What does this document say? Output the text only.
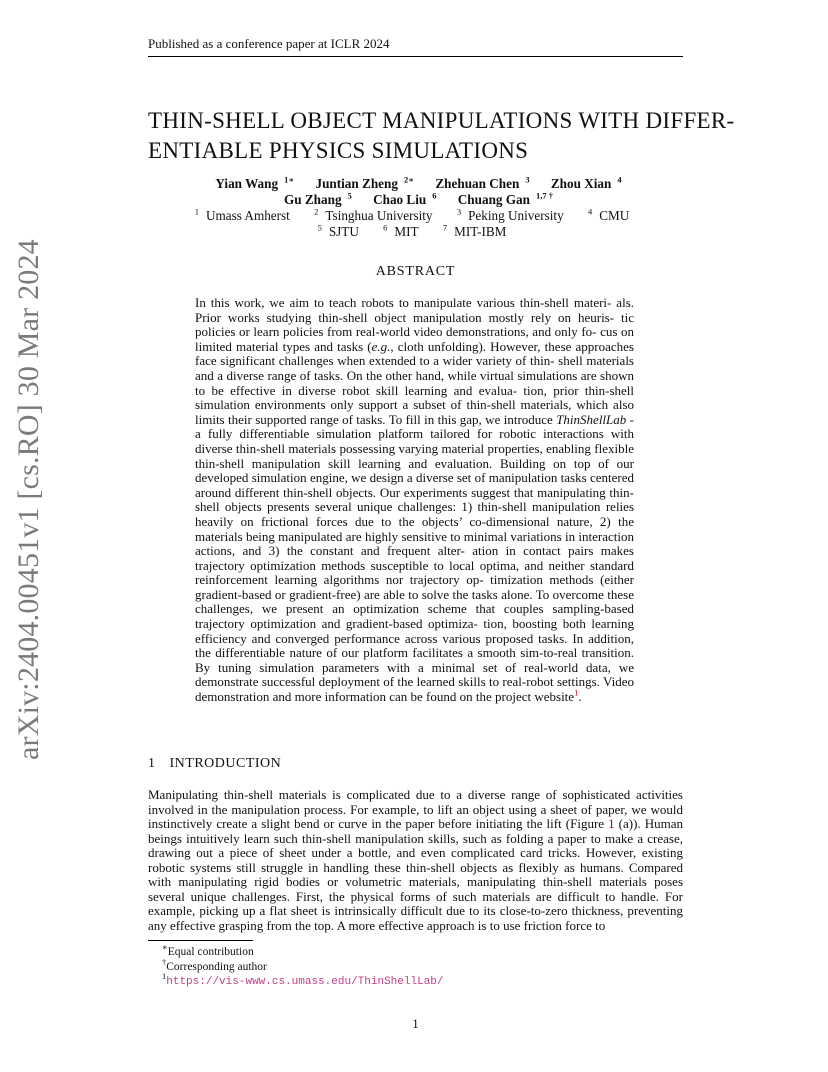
Published as a conference paper at ICLR 2024
arXiv:2404.00451v1 [cs.RO] 30 Mar 2024
THIN-SHELL OBJECT MANIPULATIONS WITH DIFFER-
ENTIABLE PHYSICS SIMULATIONS
Yian Wang $^{1∗}$ Juntian Zheng $^{2∗}$ Zhehuan Chen $^3$ Zhou Xian $^4$
Gu Zhang $^5$ Chao Liu $^6$ Chuang Gan $^{1,7 \dagger}$
$^1$ Umass Amherst	$^2$ Tsinghua University	$^3$ Peking University	$^4$ CMU
$^5$ SJTU	$^6$ MIT	$^7$ MIT-IBM
ABSTRACT
In this work, we aim to teach robots to manipulate various thin-shell materi- als. Prior works studying thin-shell object manipulation mostly rely on heuris- tic policies or learn policies from real-world video demonstrations, and only fo- cus on limited material types and tasks (e.g., cloth unfolding). However, these approaches face significant challenges when extended to a wider variety of thin- shell materials and a diverse range of tasks. On the other hand, while virtual simulations are shown to be effective in diverse robot skill learning and evalua- tion, prior thin-shell simulation environments only support a subset of thin-shell materials, which also limits their supported range of tasks. To fill in this gap, we introduce ThinShellLab - a fully differentiable simulation platform tailored for robotic interactions with diverse thin-shell materials possessing varying material properties, enabling flexible thin-shell manipulation skill learning and evaluation. Building on top of our developed simulation engine, we design a diverse set of manipulation tasks centered around different thin-shell objects. Our experiments suggest that manipulating thin-shell objects presents several unique challenges: 1) thin-shell manipulation relies heavily on frictional forces due to the objects’ co-dimensional nature, 2) the materials being manipulated are highly sensitive to minimal variations in interaction actions, and 3) the constant and frequent alter- ation in contact pairs makes trajectory optimization methods susceptible to local optima, and neither standard reinforcement learning algorithms nor trajectory op- timization methods (either gradient-based or gradient-free) are able to solve the tasks alone. To overcome these challenges, we present an optimization scheme that couples sampling-based trajectory optimization and gradient-based optimiza- tion, boosting both learning efficiency and converged performance across various proposed tasks. In addition, the differentiable nature of our platform facilitates a smooth sim-to-real transition. By tuning simulation parameters with a minimal set of real-world data, we demonstrate successful deployment of the learned skills to real-robot settings. Video demonstration and more information can be found on the project website$^1$.
1 INTRODUCTION
Manipulating thin-shell materials is complicated due to a diverse range of sophisticated activities involved in the manipulation process. For example, to lift an object using a sheet of paper, we would instinctively create a slight bend or curve in the paper before initiating the lift (Figure 1 (a)). Human beings intuitively learn such thin-shell manipulation skills, such as folding a paper to make a crease, drawing out a piece of sheet under a bottle, and even complicated card tricks. However, existing robotic systems still struggle in handling these thin-shell objects as flexibly as humans. Compared with manipulating rigid bodies or volumetric materials, manipulating thin-shell materials poses several unique challenges. First, the physical forms of such materials are difficult to handle. For example, picking up a flat sheet is intrinsically difficult due to its close-to-zero thickness, preventing any effective grasping from the top. A more effective approach is to use friction force to
∗Equal contribution
†Corresponding author
$^1$https://vis-www.cs.umass.edu/ThinShellLab/
1
